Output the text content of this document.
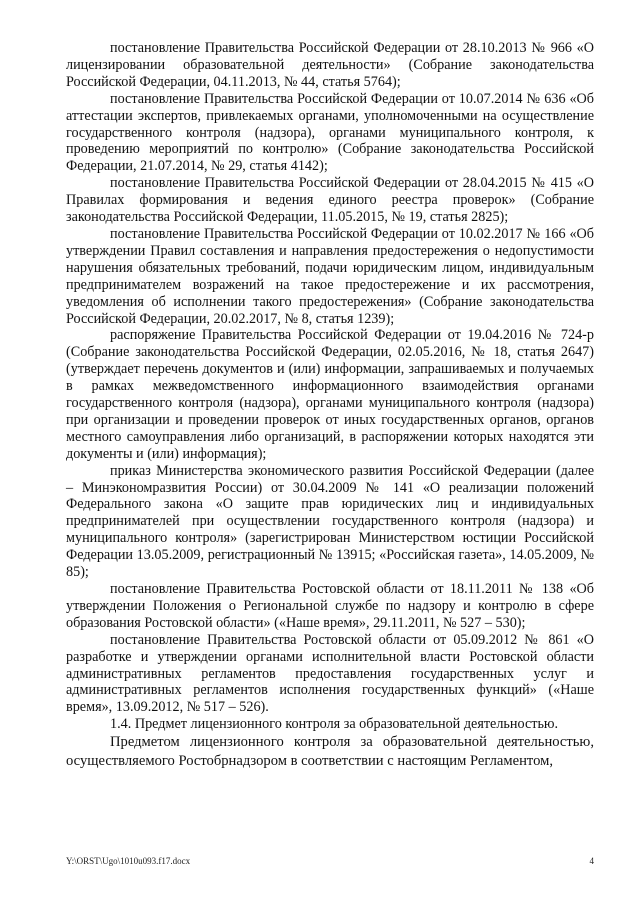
постановление Правительства Российской Федерации от 28.10.2013 № 966 «О лицензировании образовательной деятельности» (Собрание законодательства Российской Федерации, 04.11.2013, № 44, статья 5764);

постановление Правительства Российской Федерации от 10.07.2014 № 636 «Об аттестации экспертов, привлекаемых органами, уполномоченными на осуществление государственного контроля (надзора), органами муниципального контроля, к проведению мероприятий по контролю» (Собрание законодательства Российской Федерации, 21.07.2014, № 29, статья 4142);

постановление Правительства Российской Федерации от 28.04.2015 № 415 «О Правилах формирования и ведения единого реестра проверок» (Собрание законодательства Российской Федерации, 11.05.2015, № 19, статья 2825);

постановление Правительства Российской Федерации от 10.02.2017 № 166 «Об утверждении Правил составления и направления предостережения о недопустимости нарушения обязательных требований, подачи юридическим лицом, индивидуальным предпринимателем возражений на такое предостережение и их рассмотрения, уведомления об исполнении такого предостережения» (Собрание законодательства Российской Федерации, 20.02.2017, № 8, статья 1239);

распоряжение Правительства Российской Федерации от 19.04.2016 № 724-р (Собрание законодательства Российской Федерации, 02.05.2016, № 18, статья 2647) (утверждает перечень документов и (или) информации, запрашиваемых и получаемых в рамках межведомственного информационного взаимодействия органами государственного контроля (надзора), органами муниципального контроля (надзора) при организации и проведении проверок от иных государственных органов, органов местного самоуправления либо организаций, в распоряжении которых находятся эти документы и (или) информация);

приказ Министерства экономического развития Российской Федерации (далее – Минэкономразвития России) от 30.04.2009 № 141 «О реализации положений Федерального закона «О защите прав юридических лиц и индивидуальных предпринимателей при осуществлении государственного контроля (надзора) и муниципального контроля» (зарегистрирован Министерством юстиции Российской Федерации 13.05.2009, регистрационный № 13915; «Российская газета», 14.05.2009, № 85);

постановление Правительства Ростовской области от 18.11.2011 № 138 «Об утверждении Положения о Региональной службе по надзору и контролю в сфере образования Ростовской области» («Наше время», 29.11.2011, № 527 – 530);

постановление Правительства Ростовской области от 05.09.2012 № 861 «О разработке и утверждении органами исполнительной власти Ростовской области административных регламентов предоставления государственных услуг и административных регламентов исполнения государственных функций» («Наше время», 13.09.2012, № 517 – 526).

1.4. Предмет лицензионного контроля за образовательной деятельностью.

Предметом лицензионного контроля за образовательной деятельностью, осуществляемого Ростобрнадзором в соответствии с настоящим Регламентом,

Y:\ORST\Ugo\1010u093.f17.docx	4
